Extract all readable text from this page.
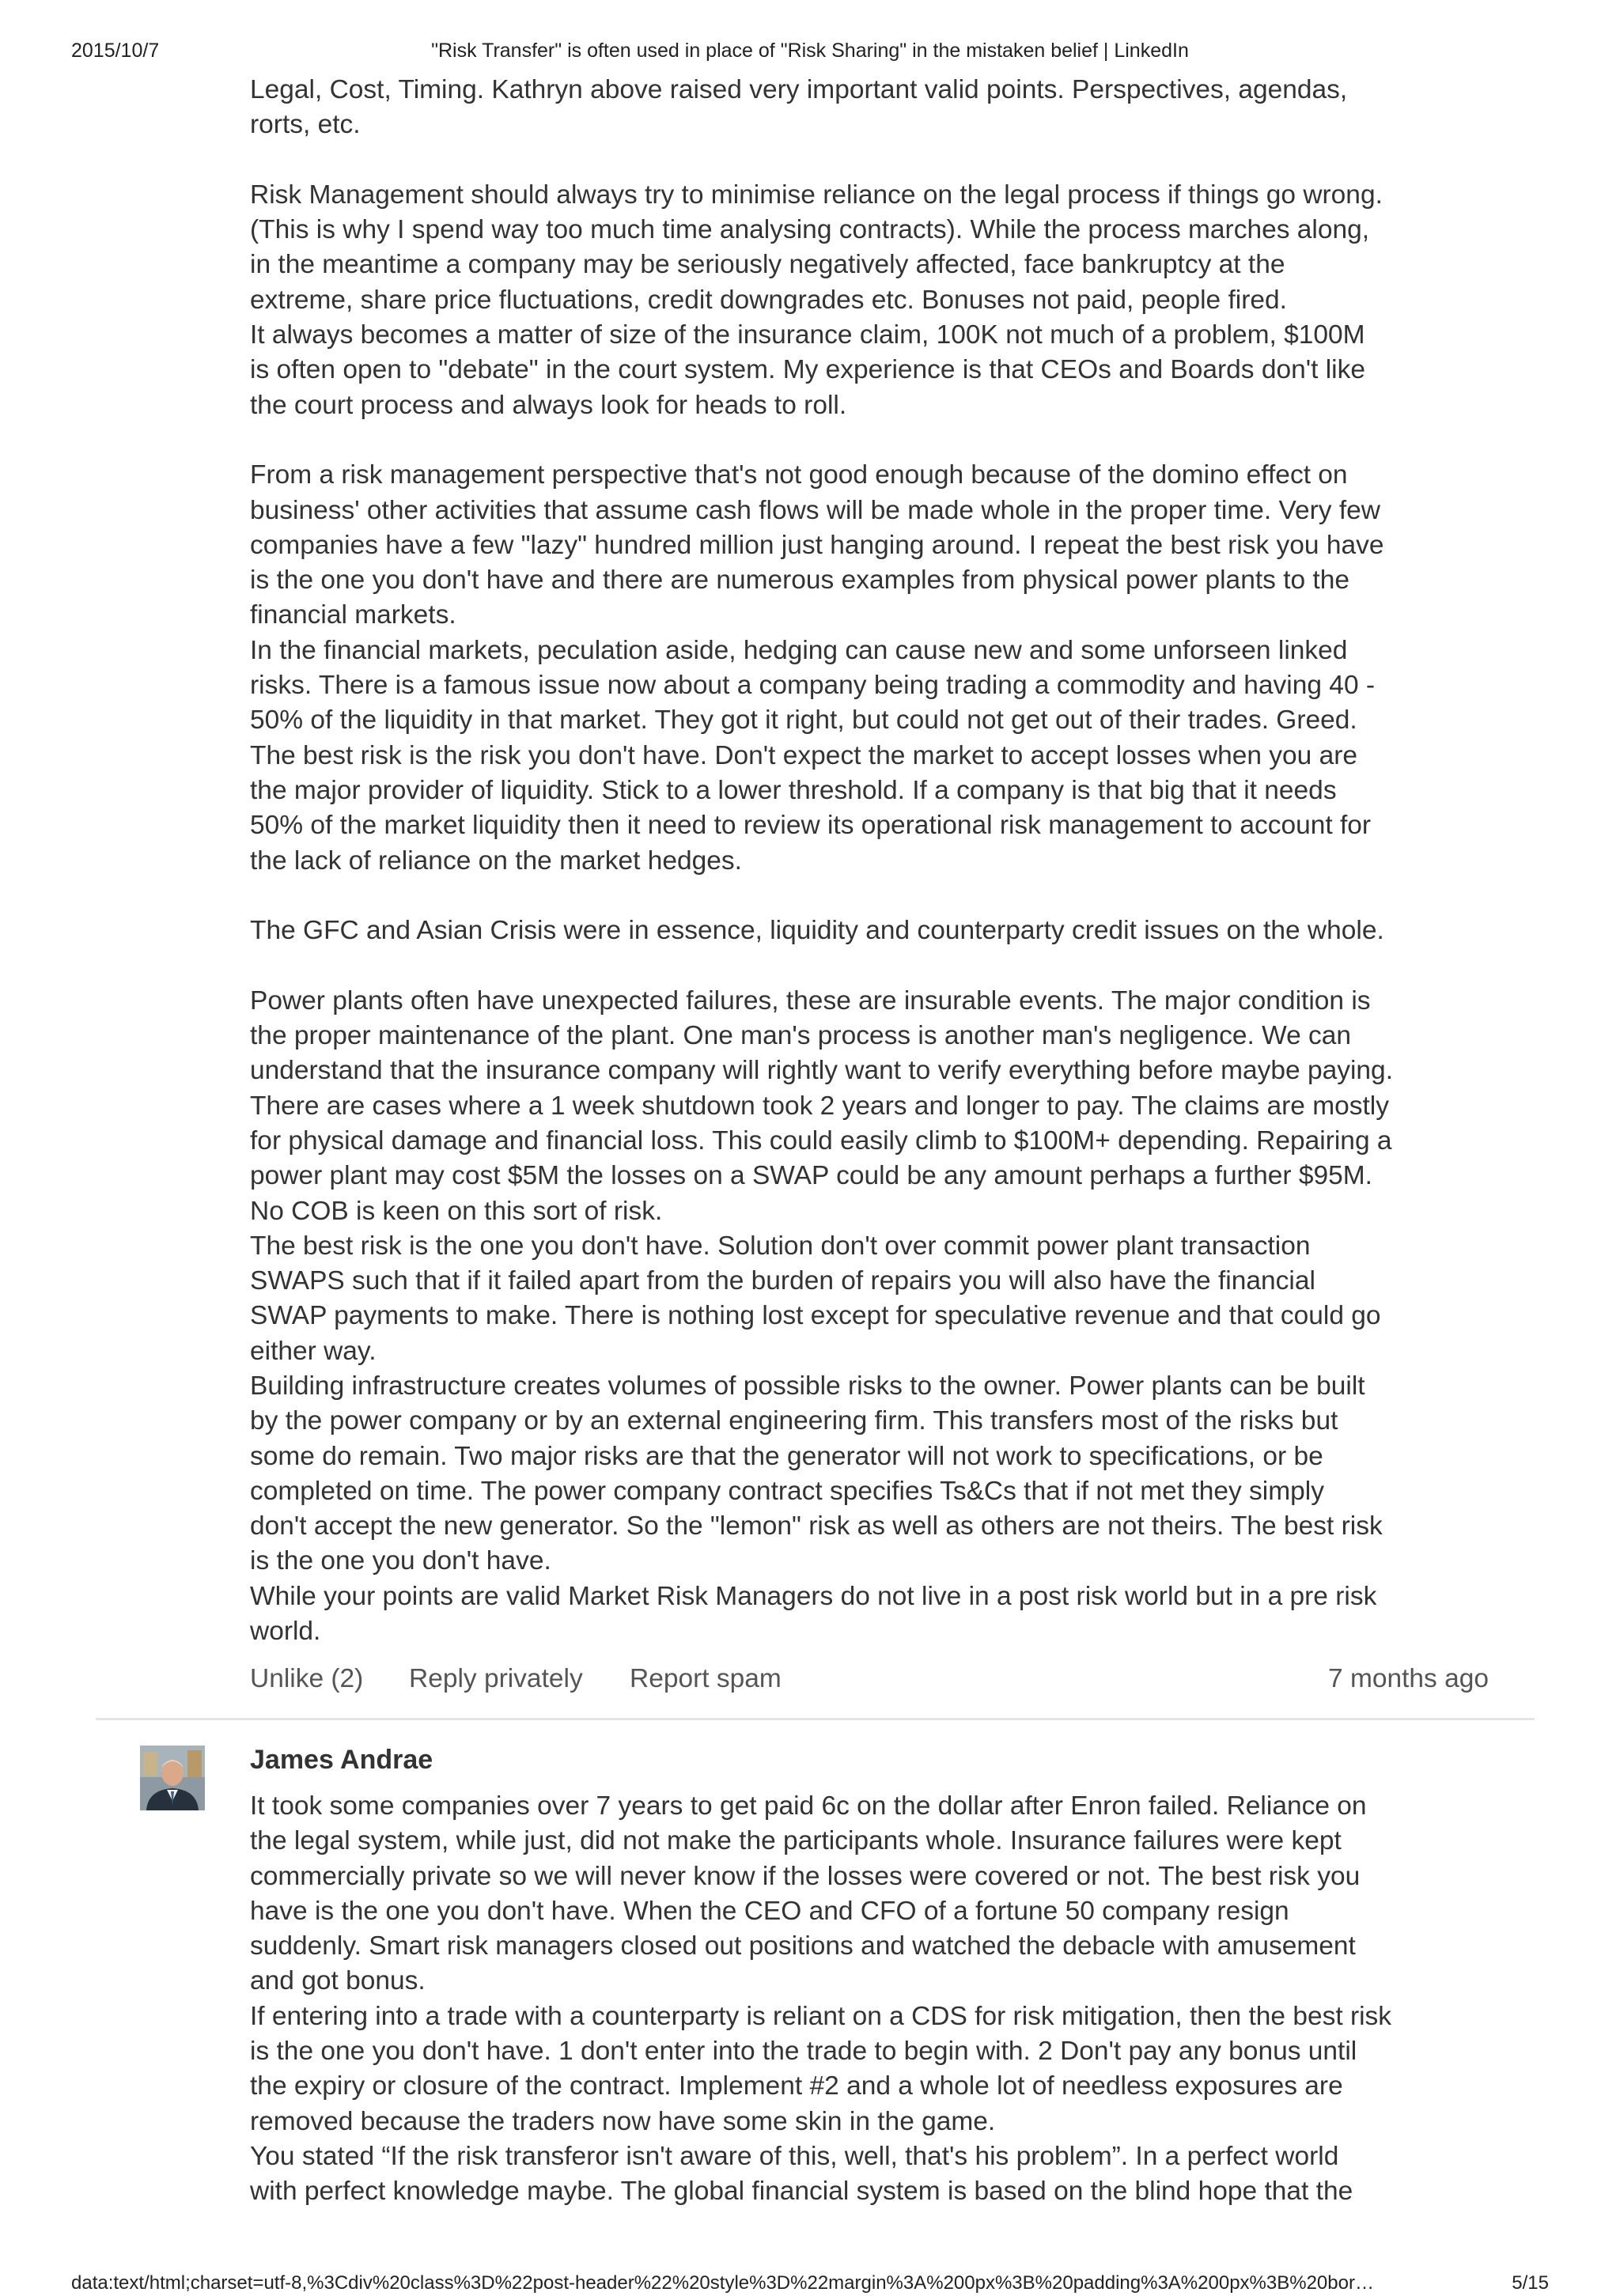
2015/10/7	"Risk Transfer" is often used in place of "Risk Sharing" in the mistaken belief | LinkedIn

Legal, Cost, Timing. Kathryn above raised very important valid points. Perspectives, agendas,

rorts, etc.

Risk Management should always try to minimise reliance on the legal process if things go wrong.

(This is why I spend way too much time analysing contracts). While the process marches along,

in the meantime a company may be seriously negatively affected, face bankruptcy at the

extreme, share price fluctuations, credit downgrades etc. Bonuses not paid, people fired.

It always becomes a matter of size of the insurance claim, 100K not much of a problem, $100M

is often open to "debate" in the court system. My experience is that CEOs and Boards don't like

the court process and always look for heads to roll.

From a risk management perspective that's not good enough because of the domino effect on

business' other activities that assume cash flows will be made whole in the proper time. Very few

companies have a few "lazy" hundred million just hanging around. I repeat the best risk you have

is the one you don't have and there are numerous examples from physical power plants to the

financial markets.

In the financial markets, peculation aside, hedging can cause new and some unforseen linked

risks. There is a famous issue now about a company being trading a commodity and having 40 -

50% of the liquidity in that market. They got it right, but could not get out of their trades. Greed.

The best risk is the risk you don't have. Don't expect the market to accept losses when you are

the major provider of liquidity. Stick to a lower threshold. If a company is that big that it needs

50% of the market liquidity then it need to review its operational risk management to account for

the lack of reliance on the market hedges.

The GFC and Asian Crisis were in essence, liquidity and counterparty credit issues on the whole.

Power plants often have unexpected failures, these are insurable events. The major condition is

the proper maintenance of the plant. One man's process is another man's negligence. We can

understand that the insurance company will rightly want to verify everything before maybe paying.

There are cases where a 1 week shutdown took 2 years and longer to pay. The claims are mostly

for physical damage and financial loss. This could easily climb to $100M+ depending. Repairing a

power plant may cost $5M the losses on a SWAP could be any amount perhaps a further $95M.

No COB is keen on this sort of risk.

The best risk is the one you don't have. Solution don't over commit power plant transaction

SWAPS such that if it failed apart from the burden of repairs you will also have the financial

SWAP payments to make. There is nothing lost except for speculative revenue and that could go

either way.

Building infrastructure creates volumes of possible risks to the owner. Power plants can be built

by the power company or by an external engineering firm. This transfers most of the risks but

some do remain. Two major risks are that the generator will not work to specifications, or be

completed on time. The power company contract specifies Ts&Cs that if not met they simply

don't accept the new generator. So the "lemon" risk as well as others are not theirs. The best risk

is the one you don't have.

While your points are valid Market Risk Managers do not live in a post risk world but in a pre risk

world.

Unlike (2) Reply privately Report spam	7 months ago
James Andrae

It took some companies over 7 years to get paid 6c on the dollar after Enron failed. Reliance on

the legal system, while just, did not make the participants whole. Insurance failures were kept

commercially private so we will never know if the losses were covered or not. The best risk you

have is the one you don't have. When the CEO and CFO of a fortune 50 company resign

suddenly. Smart risk managers closed out positions and watched the debacle with amusement

and got bonus.

If entering into a trade with a counterparty is reliant on a CDS for risk mitigation, then the best risk

is the one you don't have. 1 don't enter into the trade to begin with. 2 Don't pay any bonus until

the expiry or closure of the contract. Implement #2 and a whole lot of needless exposures are

removed because the traders now have some skin in the game.

You stated “If the risk transferor isn't aware of this, well, that's his problem”. In a perfect world

with perfect knowledge maybe. The global financial system is based on the blind hope that the

data:text/html;charset=utf-8,%3Cdiv%20class%3D%22post-header%22%20style%3D%22margin%3A%200px%3B%20padding%3A%200px%3B%20bor…	5/15
